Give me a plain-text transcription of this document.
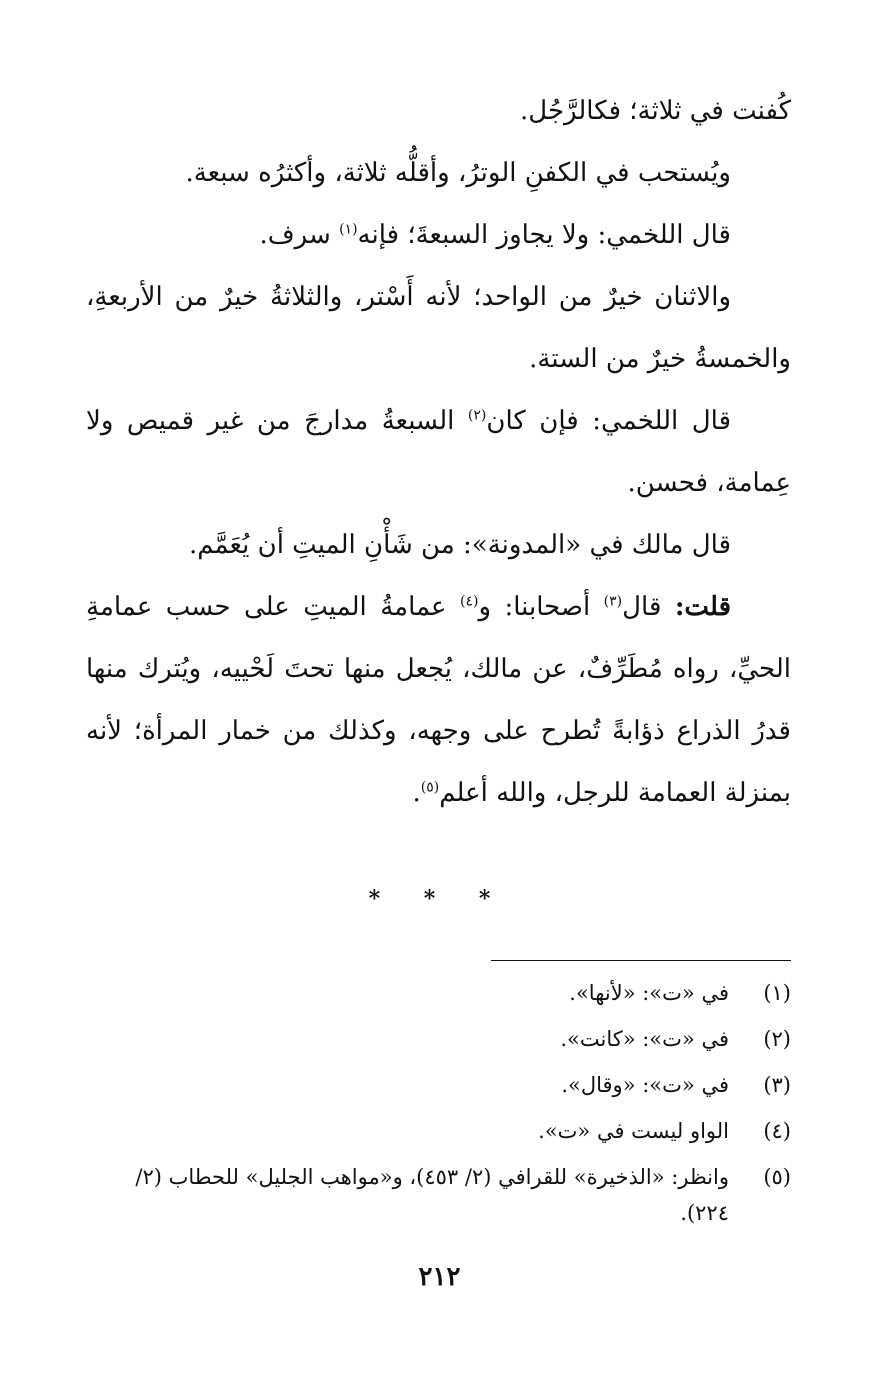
كُفنت في ثلاثة؛ فكالرَّجُل.

ويُستحب في الكفنِ الوترُ، وأقلُّه ثلاثة، وأكثرُه سبعة.

قال اللخمي: ولا يجاوز السبعةَ؛ فإنه$^{(١)}$ سرف.

والاثنان خيرٌ من الواحد؛ لأنه أَسْتر، والثلاثةُ خيرٌ من الأربعةِ، والخمسةُ خيرٌ من الستة.

قال اللخمي: فإن كان$^{(٢)}$ السبعةُ مدارجَ من غير قميص ولا عِمامة، فحسن.

قال مالك في «المدونة»: من شَأْنِ الميتِ أن يُعَمَّم.

قلت: قال$^{(٣)}$ أصحابنا: و$^{(٤)}$ عمامةُ الميتِ على حسب عمامةِ الحيِّ، رواه مُطَرِّفٌ، عن مالك، يُجعل منها تحتَ لَحْييه، ويُترك منها قدرُ الذراع ذؤابةً تُطرح على وجهه، وكذلك من خمار المرأة؛ لأنه بمنزلة العمامة للرجل، والله أعلم$^{(٥)}$.

* * *
(١)
في «ت»: «لأنها».
(٢)
في «ت»: «كانت».
(٣)
في «ت»: «وقال».
(٤)
الواو ليست في «ت».
(٥)
وانظر: «الذخيرة» للقرافي (٢/ ٤٥٣)، و«مواهب الجليل» للحطاب (٢/ ٢٢٤).
٢١٢
